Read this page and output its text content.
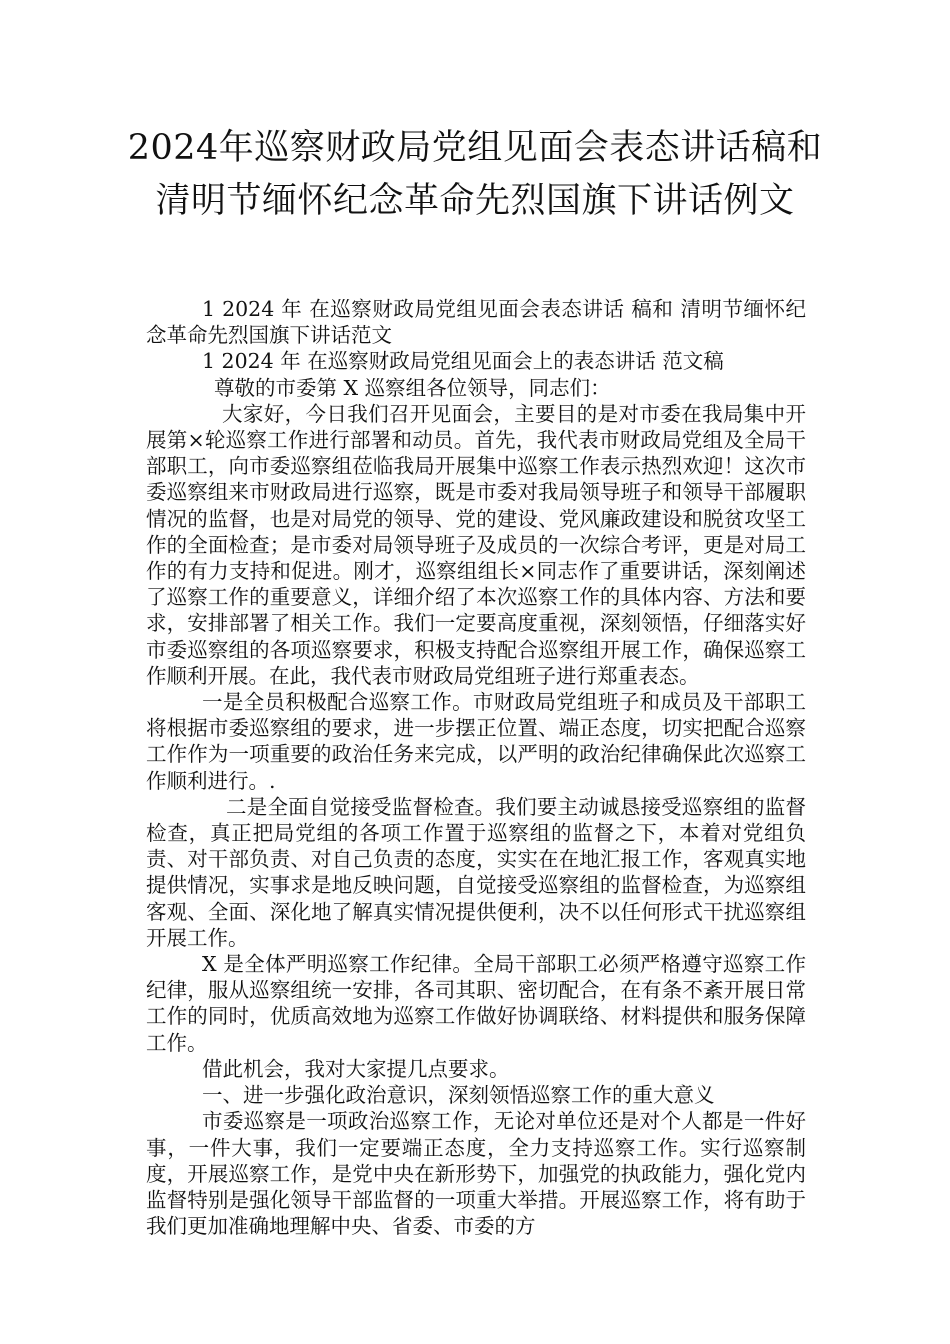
2024年巡察财政局党组见面会表态讲话稿和清明节缅怀纪念革命先烈国旗下讲话例文

1 2024 年 在巡察财政局党组见面会表态讲话 稿和 清明节缅怀纪念革命先烈国旗下讲话范文

1 2024 年 在巡察财政局党组见面会上的表态讲话 范文稿

尊敬的市委第 X 巡察组各位领导，同志们：

大家好，今日我们召开见面会，主要目的是对市委在我局集中开展第×轮巡察工作进行部署和动员。首先，我代表市财政局党组及全局干部职工，向市委巡察组莅临我局开展集中巡察工作表示热烈欢迎！这次市委巡察组来市财政局进行巡察，既是市委对我局领导班子和领导干部履职情况的监督，也是对局党的领导、党的建设、党风廉政建设和脱贫攻坚工作的全面检查；是市委对局领导班子及成员的一次综合考评，更是对局工作的有力支持和促进。刚才，巡察组组长×同志作了重要讲话，深刻阐述了巡察工作的重要意义，详细介绍了本次巡察工作的具体内容、方法和要求，安排部署了相关工作。我们一定要高度重视，深刻领悟，仔细落实好市委巡察组的各项巡察要求，积极支持配合巡察组开展工作，确保巡察工作顺利开展。在此，我代表市财政局党组班子进行郑重表态。

一是全员积极配合巡察工作。市财政局党组班子和成员及干部职工将根据市委巡察组的要求，进一步摆正位置、端正态度，切实把配合巡察工作作为一项重要的政治任务来完成，以严明的政治纪律确保此次巡察工作顺利进行。.

二是全面自觉接受监督检查。我们要主动诚恳接受巡察组的监督检查，真正把局党组的各项工作置于巡察组的监督之下，本着对党组负责、对干部负责、对自己负责的态度，实实在在地汇报工作，客观真实地提供情况，实事求是地反映问题，自觉接受巡察组的监督检查，为巡察组客观、全面、深化地了解真实情况提供便利，决不以任何形式干扰巡察组开展工作。

X 是全体严明巡察工作纪律。全局干部职工必须严格遵守巡察工作纪律，服从巡察组统一安排，各司其职、密切配合，在有条不紊开展日常工作的同时，优质高效地为巡察工作做好协调联络、材料提供和服务保障工作。

借此机会，我对大家提几点要求。

一、进一步强化政治意识，深刻领悟巡察工作的重大意义

市委巡察是一项政治巡察工作，无论对单位还是对个人都是一件好事，一件大事，我们一定要端正态度，全力支持巡察工作。实行巡察制度，开展巡察工作，是党中央在新形势下，加强党的执政能力，强化党内监督特别是强化领导干部监督的一项重大举措。开展巡察工作，将有助于我们更加准确地理解中央、省委、市委的方
